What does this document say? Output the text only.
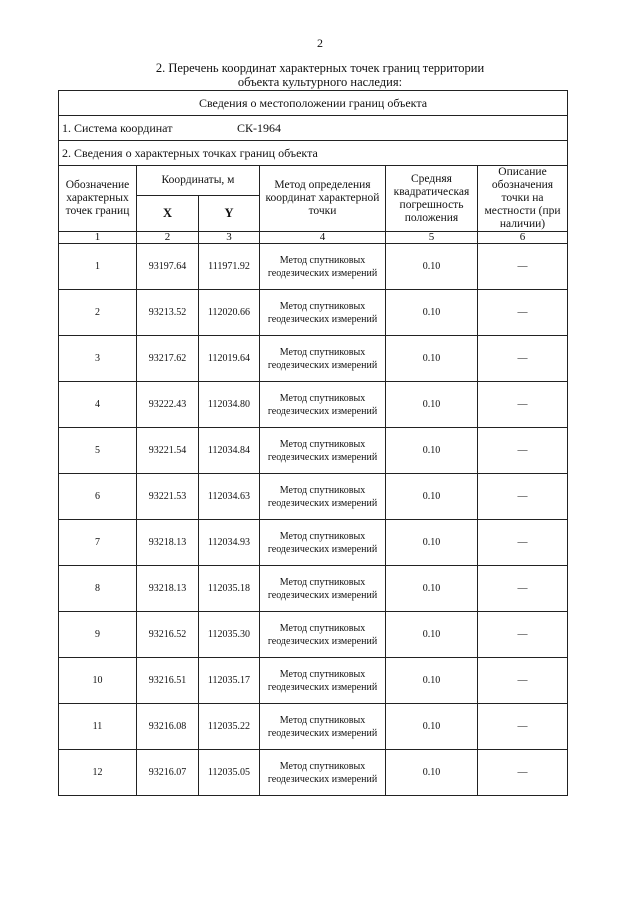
2
2. Перечень координат характерных точек границ территории
объекта культурного наследия:
Сведения о местоположении границ объекта					
1. Система координат СК-1964					
2. Сведения о характерных точках границ объекта					
Обозначение характерных точек границ	Координаты, м		Метод определения координат характерной точки	Средняя квадратическая погрешность положения	Описание обозначения точки на местности (при наличии)
	X	Y			
1	2	3	4	5	6
1	93197.64	111971.92	Метод спутниковых геодезических измерений	0.10	—
2	93213.52	112020.66	Метод спутниковых геодезических измерений	0.10	—
3	93217.62	112019.64	Метод спутниковых геодезических измерений	0.10	—
4	93222.43	112034.80	Метод спутниковых геодезических измерений	0.10	—
5	93221.54	112034.84	Метод спутниковых геодезических измерений	0.10	—
6	93221.53	112034.63	Метод спутниковых геодезических измерений	0.10	—
7	93218.13	112034.93	Метод спутниковых геодезических измерений	0.10	—
8	93218.13	112035.18	Метод спутниковых геодезических измерений	0.10	—
9	93216.52	112035.30	Метод спутниковых геодезических измерений	0.10	—
10	93216.51	112035.17	Метод спутниковых геодезических измерений	0.10	—
11	93216.08	112035.22	Метод спутниковых геодезических измерений	0.10	—
12	93216.07	112035.05	Метод спутниковых геодезических измерений	0.10	—
